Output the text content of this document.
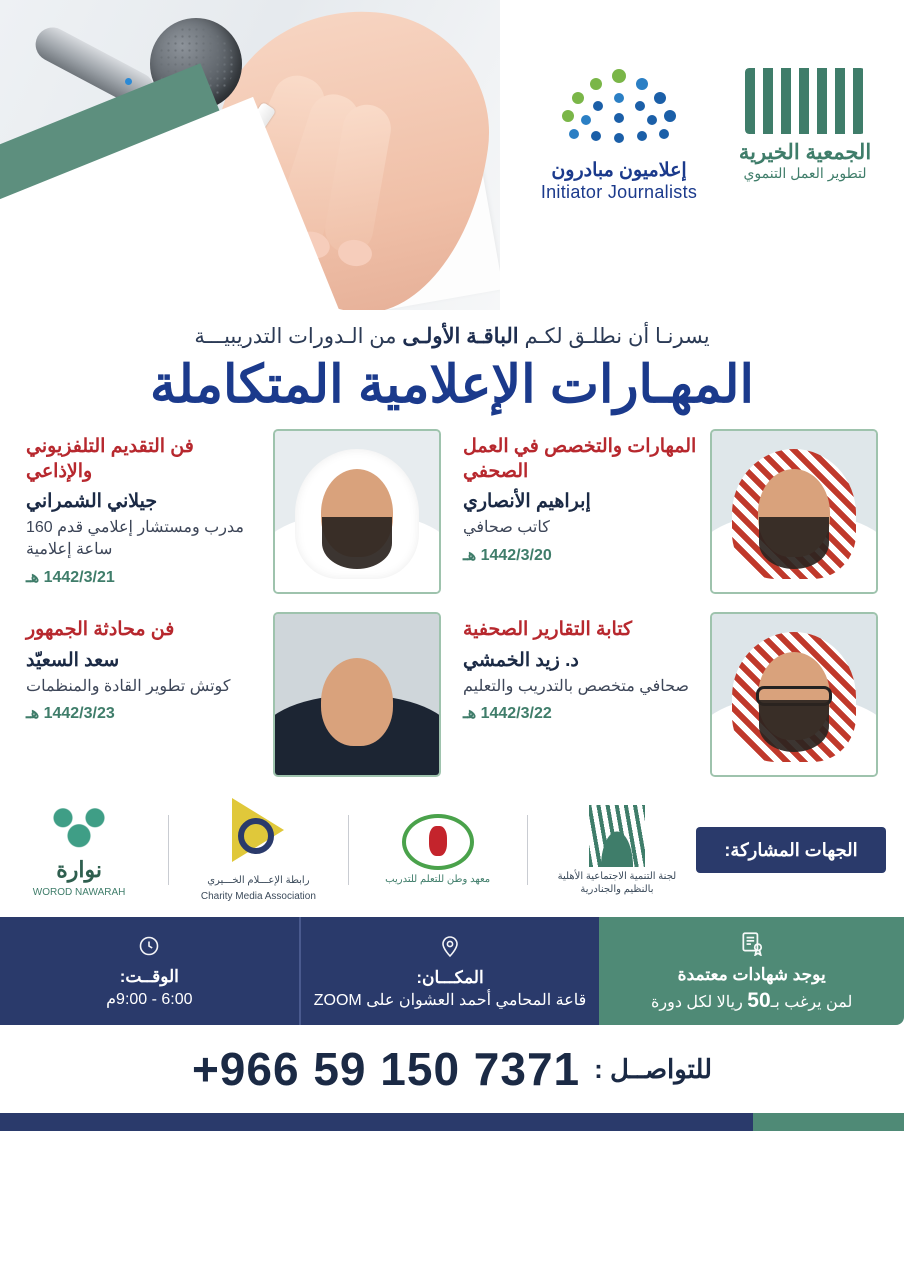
إعلاميون مبادرون
Initiator Journalists
الجمعية الخيرية
لتطوير العمل التنموي
يسرنـا أن نطلـق لكـم الباقـة الأولـى من الـدورات التدريبيـــة
المهـارات الإعلامية المتكاملة
المهارات والتخصص في العمل الصحفي
إبراهيم الأنصاري
كاتب صحافي
1442/3/20 هـ
فن التقديم التلفزيوني والإذاعي
جيلاني الشمراني
مدرب ومستشار إعلامي قدم 160 ساعة إعلامية
1442/3/21 هـ
كتابة التقارير الصحفية
د. زيد الخمشي
صحافي متخصص بالتدريب والتعليم
1442/3/22 هـ
فن محادثة الجمهور
سعد السعيّد
كوتش تطوير القادة والمنظمات
1442/3/23 هـ
الجهات المشاركة:
لجنة التنمية الاجتماعية الأهلية بالنظيم والجنادرية
معهد وطن للتعلم للتدريب
رابطة الإعـــلام الخـــيري
Charity Media Association
نوارة
WOROD NAWARAH
يوجد شهادات معتمدة
لمن يرغب بـ50 ريالا لكل دورة
المكـــان:
قاعة المحامي أحمد العشوان على ZOOM
الوقــت:
6:00 - 9:00م
للتواصــل :
+966 59 150 7371
